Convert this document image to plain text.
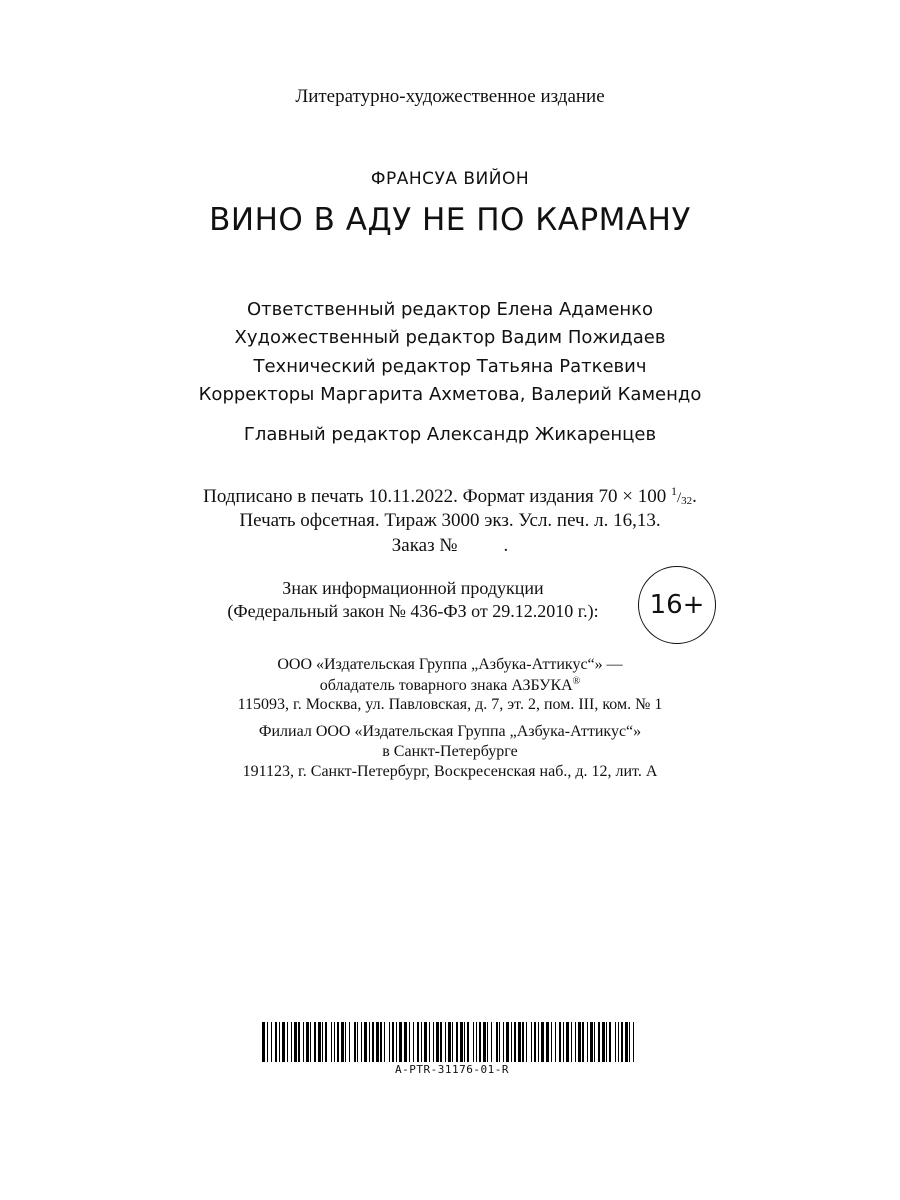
Литературно-художественное издание
ФРАНСУА ВИЙОН
ВИНО В АДУ НЕ ПО КАРМАНУ
Ответственный редактор Елена Адаменко
Художественный редактор Вадим Пожидаев
Технический редактор Татьяна Раткевич
Корректоры Маргарита Ахметова, Валерий Камендо
Главный редактор Александр Жикаренцев
Подписано в печать 10.11.2022. Формат издания 70 × 100 $^1$/32.
Печать офсетная. Тираж 3000 экз. Усл. печ. л. 16,13.
Заказ № .
Знак информационной продукции
(Федеральный закон № 436-ФЗ от 29.12.2010 г.):	16+
ООО «Издательская Группа „Азбука-Аттикус“» —
обладатель товарного знака АЗБУКА®
115093, г. Москва, ул. Павловская, д. 7, эт. 2, пом. III, ком. № 1
Филиал ООО «Издательская Группа „Азбука-Аттикус“»
в Санкт-Петербурге
191123, г. Санкт-Петербург, Воскресенская наб., д. 12, лит. А
A-PTR-31176-01-R
